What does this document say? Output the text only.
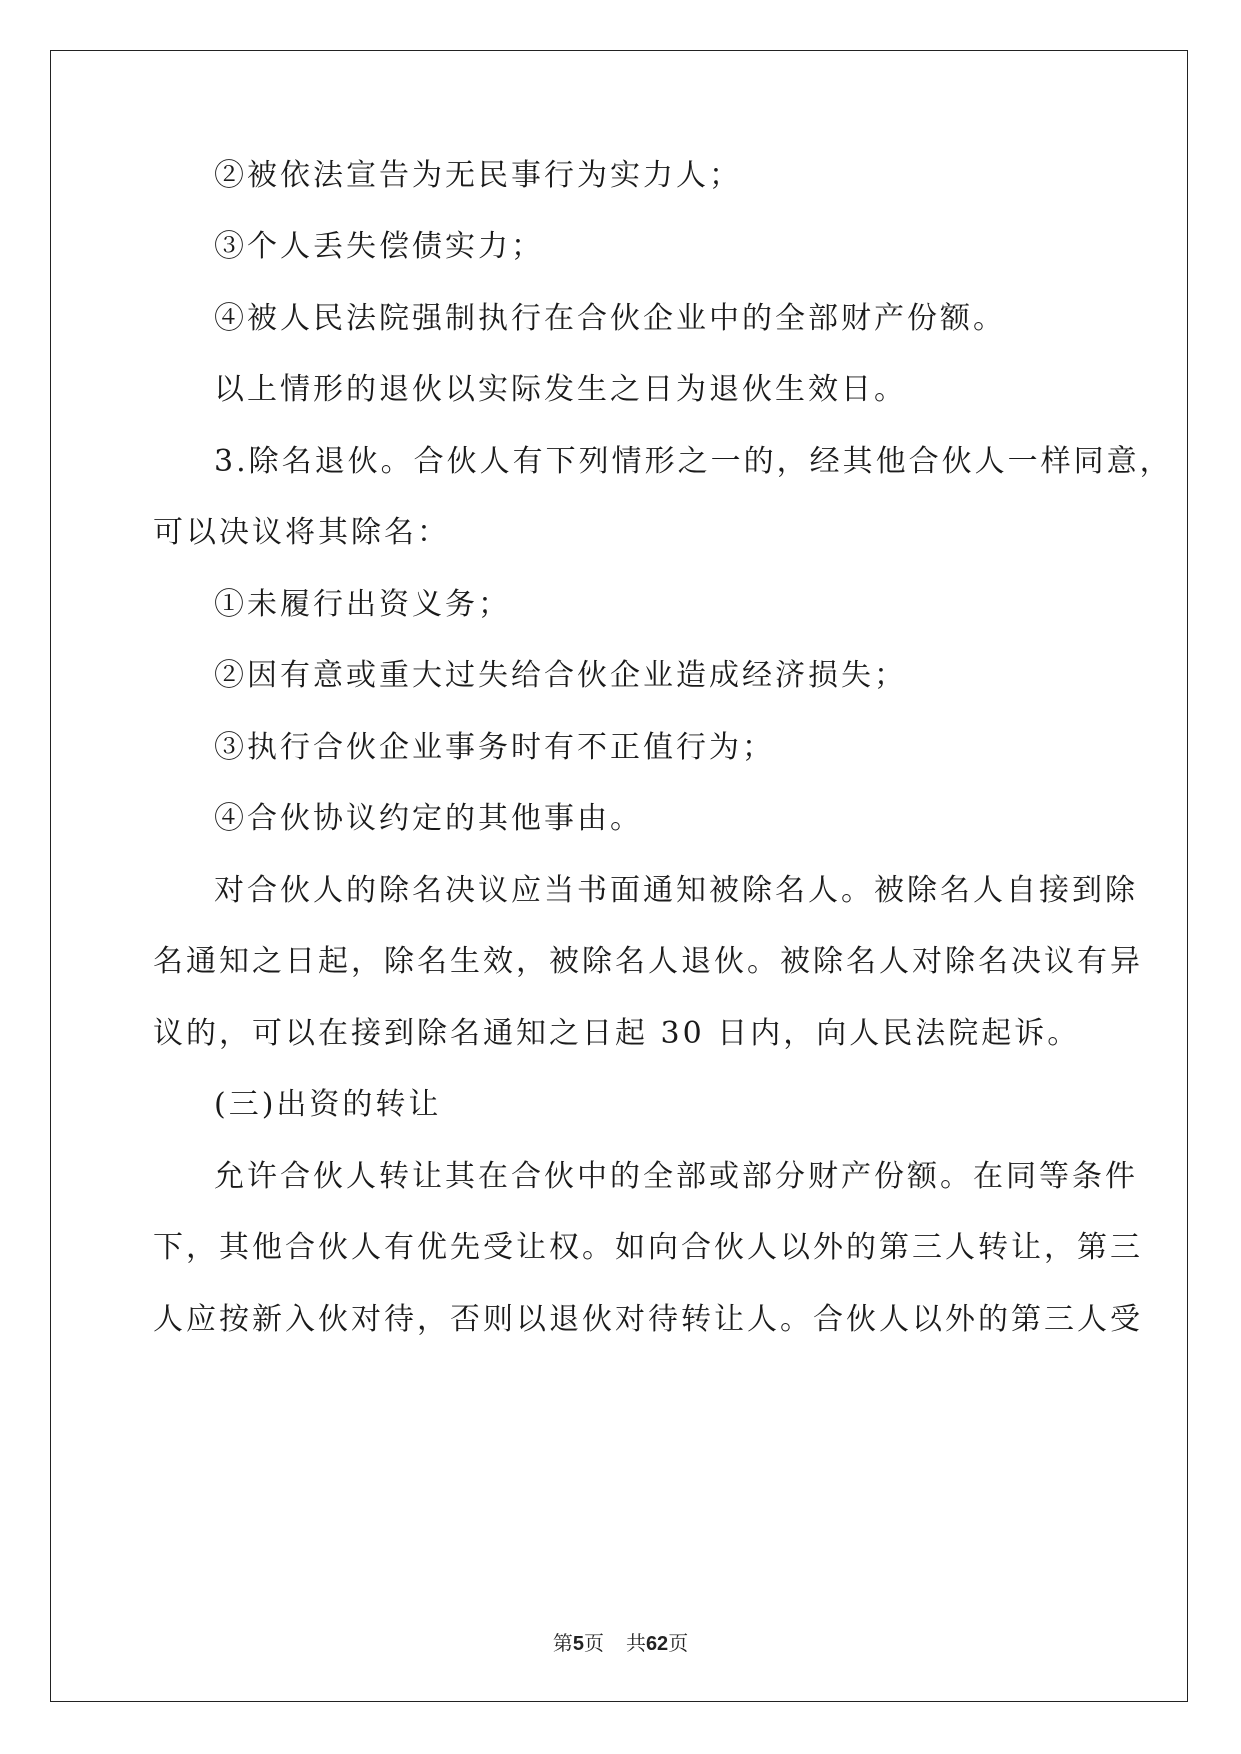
②被依法宣告为无民事行为实力人；
③个人丢失偿债实力；
④被人民法院强制执行在合伙企业中的全部财产份额。
以上情形的退伙以实际发生之日为退伙生效日。
3.除名退伙。合伙人有下列情形之一的，经其他合伙人一样同意，
可以决议将其除名：
①未履行出资义务；
②因有意或重大过失给合伙企业造成经济损失；
③执行合伙企业事务时有不正值行为；
④合伙协议约定的其他事由。
对合伙人的除名决议应当书面通知被除名人。被除名人自接到除
名通知之日起，除名生效，被除名人退伙。被除名人对除名决议有异
议的，可以在接到除名通知之日起 30 日内，向人民法院起诉。
(三)出资的转让
允许合伙人转让其在合伙中的全部或部分财产份额。在同等条件
下，其他合伙人有优先受让权。如向合伙人以外的第三人转让，第三
人应按新入伙对待，否则以退伙对待转让人。合伙人以外的第三人受
第5页 共62页
